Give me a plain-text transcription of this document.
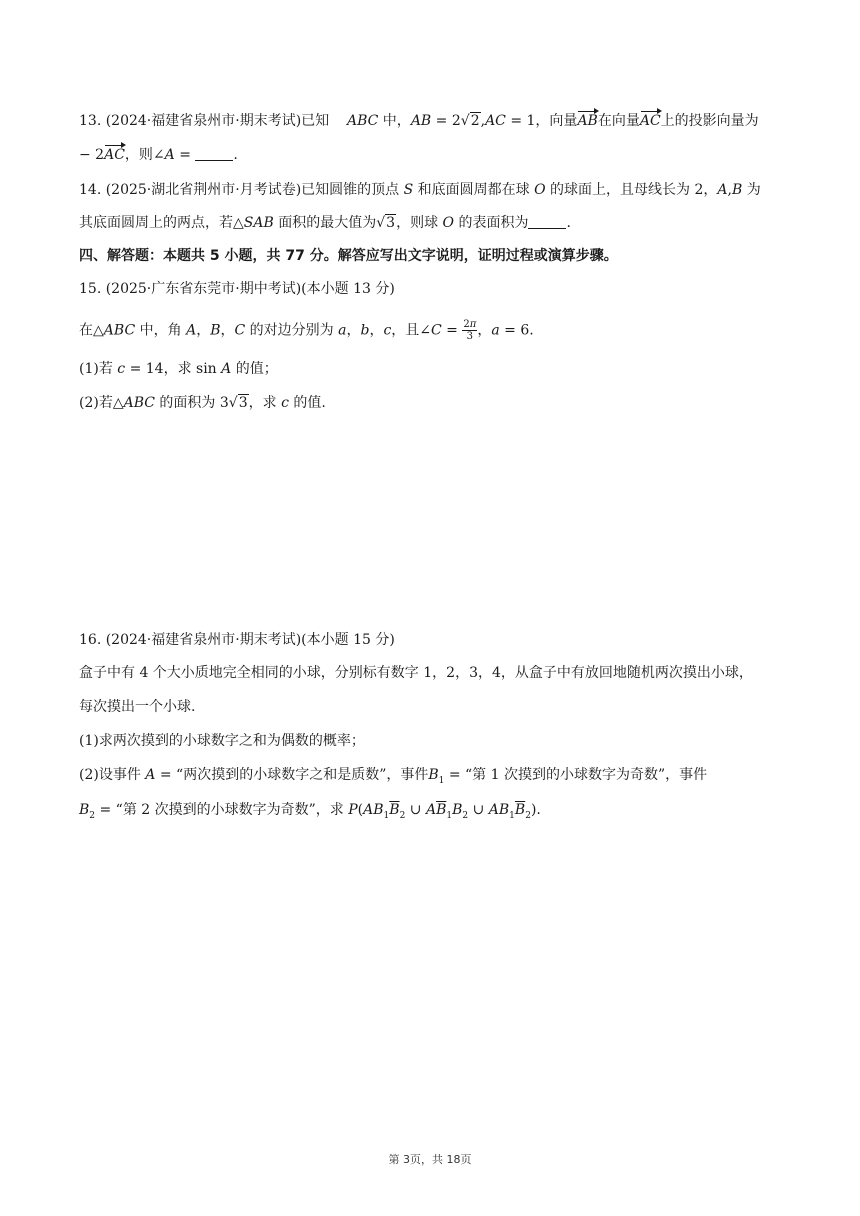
13. (2024·福建省泉州市·期末考试)已知 ABC 中，AB = 2√2,AC = 1，向量AB在向量AC上的投影向量为
− 2AC，则∠A =	.
14. (2025·湖北省荆州市·月考试卷)已知圆锥的顶点 S 和底面圆周都在球 O 的球面上，且母线长为 2，A,B 为
其底面圆周上的两点，若△SAB 面积的最大值为√3，则球 O 的表面积为	.
四、解答题：本题共 5 小题，共 77 分。解答应写出文字说明，证明过程或演算步骤。
15. (2025·广东省东莞市·期中考试)(本小题 13 分)
在△ABC 中，角 A，B，C 的对边分别为 a，b，c，且∠C = $\frac{2\pi}{3}$ ，a = 6.
(1)若 c = 14，求 sin A 的值；
(2)若△ABC 的面积为 3√3，求 c 的值.
16. (2024·福建省泉州市·期末考试)(本小题 15 分)
盒子中有 4 个大小质地完全相同的小球，分别标有数字 1，2，3，4，从盒子中有放回地随机两次摸出小球，
每次摸出一个小球.
(1)求两次摸到的小球数字之和为偶数的概率；
(2)设事件 A = “两次摸到的小球数字之和是质数”，事件$B_1$ = “第 1 次摸到的小球数字为奇数”，事件
$B_2$ = “第 2 次摸到的小球数字为奇数”，求 $P(AB_1\overline{B}_2$ ∪ $A\overline{B}_1B_2$ ∪ $AB_1\overline{B}_2$).
第 3页，共 18页
